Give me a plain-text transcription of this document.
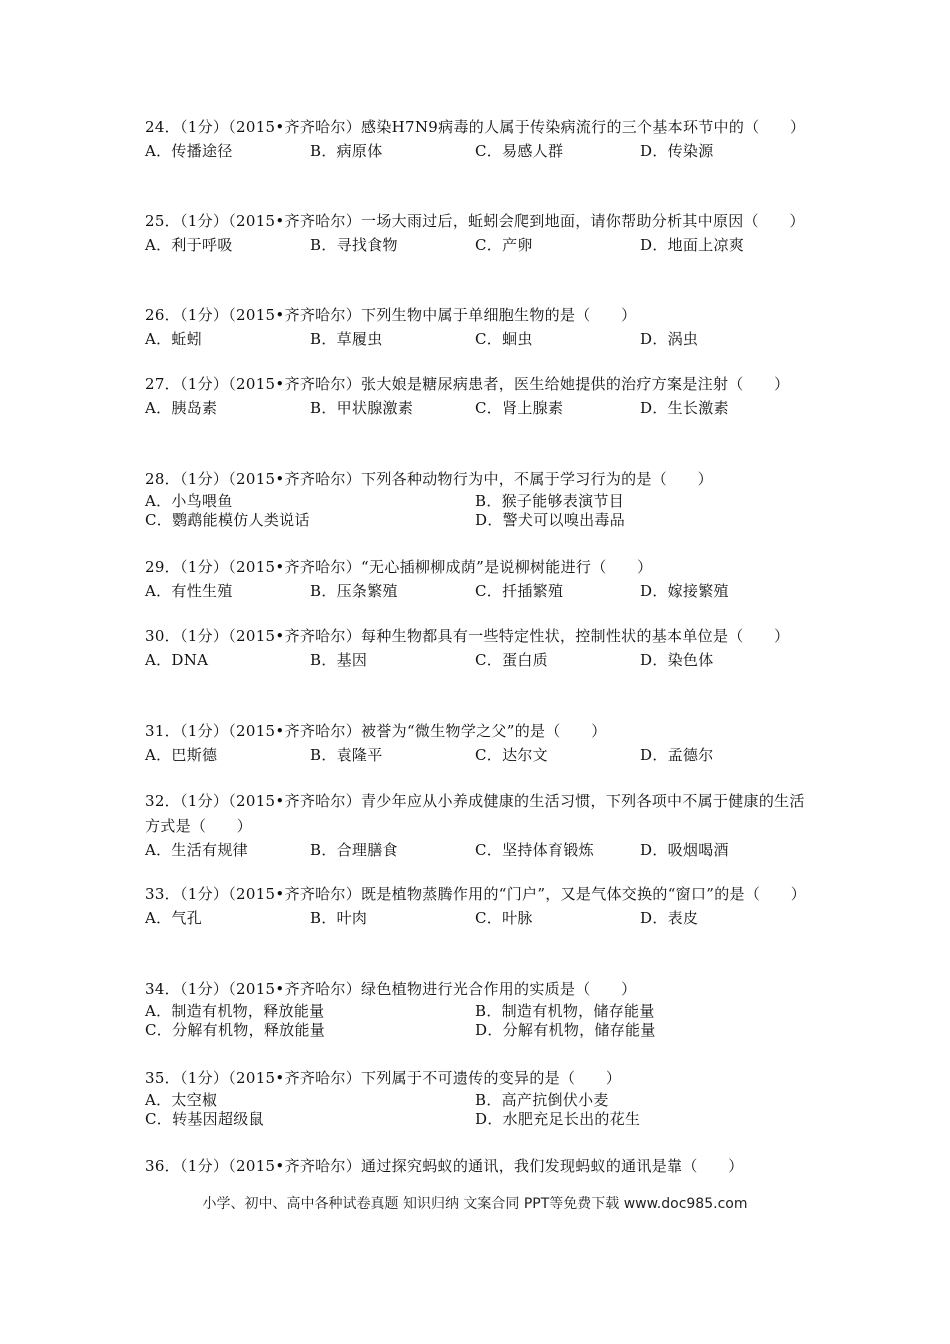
24．（1分）（2015•齐齐哈尔）感染H7N9病毒的人属于传染病流行的三个基本环节中的（　　）
A．传播途径	B．病原体	C．易感人群	D．传染源
25．（1分）（2015•齐齐哈尔）一场大雨过后，蚯蚓会爬到地面，请你帮助分析其中原因（　　）
A．利于呼吸	B．寻找食物	C．产卵	D．地面上凉爽
26．（1分）（2015•齐齐哈尔）下列生物中属于单细胞生物的是（　　）
A．蚯蚓	B．草履虫	C．蛔虫	D．涡虫
27．（1分）（2015•齐齐哈尔）张大娘是糖尿病患者，医生给她提供的治疗方案是注射（　　）
A．胰岛素	B．甲状腺激素	C．肾上腺素	D．生长激素
28．（1分）（2015•齐齐哈尔）下列各种动物行为中，不属于学习行为的是（　　）
A．小鸟喂鱼	B．猴子能够表演节目
C．鹦鹉能模仿人类说话	D．警犬可以嗅出毒品
29．（1分）（2015•齐齐哈尔）“无心插柳柳成荫”是说柳树能进行（　　）
A．有性生殖	B．压条繁殖	C．扦插繁殖	D．嫁接繁殖
30．（1分）（2015•齐齐哈尔）每种生物都具有一些特定性状，控制性状的基本单位是（　　）
A．DNA	B．基因	C．蛋白质	D．染色体
31．（1分）（2015•齐齐哈尔）被誉为“微生物学之父”的是（　　）
A．巴斯德	B．袁隆平	C．达尔文	D．孟德尔
32．（1分）（2015•齐齐哈尔）青少年应从小养成健康的生活习惯，下列各项中不属于健康的生活方式是（　　）
A．生活有规律	B．合理膳食	C．坚持体育锻炼	D．吸烟喝酒
33．（1分）（2015•齐齐哈尔）既是植物蒸腾作用的“门户”，又是气体交换的“窗口”的是（　　）
A．气孔	B．叶肉	C．叶脉	D．表皮
34．（1分）（2015•齐齐哈尔）绿色植物进行光合作用的实质是（　　）
A．制造有机物，释放能量	B．制造有机物，储存能量
C．分解有机物，释放能量	D．分解有机物，储存能量
35．（1分）（2015•齐齐哈尔）下列属于不可遗传的变异的是（　　）
A．太空椒	B．高产抗倒伏小麦
C．转基因超级鼠	D．水肥充足长出的花生
36．（1分）（2015•齐齐哈尔）通过探究蚂蚁的通讯，我们发现蚂蚁的通讯是靠（　　）
小学、初中、高中各种试卷真题 知识归纳 文案合同 PPT等免费下载 www.doc985.com
